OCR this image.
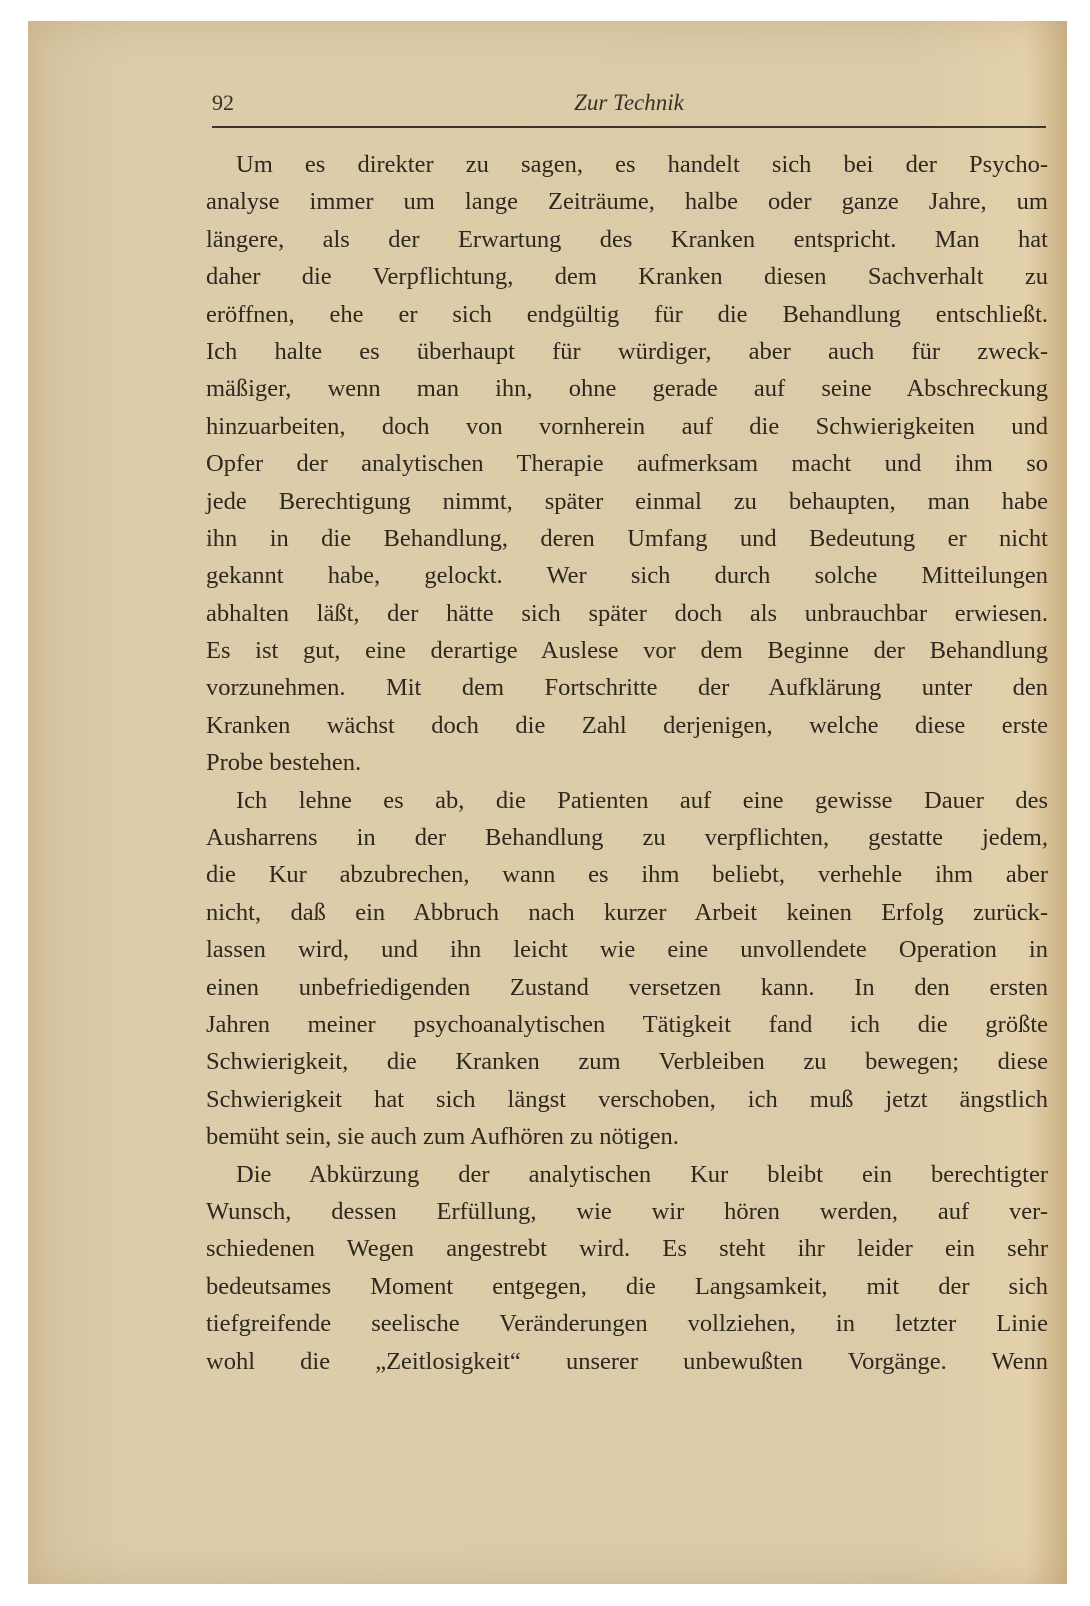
92	Zur Technik
Um es direkter zu sagen, es handelt sich bei der Psycho-
analyse immer um lange Zeiträume, halbe oder ganze Jahre, um
längere, als der Erwartung des Kranken entspricht. Man hat
daher die Verpflichtung, dem Kranken diesen Sachverhalt zu
eröffnen, ehe er sich endgültig für die Behandlung entschließt.
Ich halte es überhaupt für würdiger, aber auch für zweck-
mäßiger, wenn man ihn, ohne gerade auf seine Abschreckung
hinzuarbeiten, doch von vornherein auf die Schwierigkeiten und
Opfer der analytischen Therapie aufmerksam macht und ihm so
jede Berechtigung nimmt, später einmal zu behaupten, man habe
ihn in die Behandlung, deren Umfang und Bedeutung er nicht
gekannt habe, gelockt. Wer sich durch solche Mitteilungen
abhalten läßt, der hätte sich später doch als unbrauchbar erwiesen.
Es ist gut, eine derartige Auslese vor dem Beginne der Behandlung
vorzunehmen. Mit dem Fortschritte der Aufklärung unter den
Kranken wächst doch die Zahl derjenigen, welche diese erste
Probe bestehen.
Ich lehne es ab, die Patienten auf eine gewisse Dauer des
Ausharrens in der Behandlung zu verpflichten, gestatte jedem,
die Kur abzubrechen, wann es ihm beliebt, verhehle ihm aber
nicht, daß ein Abbruch nach kurzer Arbeit keinen Erfolg zurück-
lassen wird, und ihn leicht wie eine unvollendete Operation in
einen unbefriedigenden Zustand versetzen kann. In den ersten
Jahren meiner psychoanalytischen Tätigkeit fand ich die größte
Schwierigkeit, die Kranken zum Verbleiben zu bewegen; diese
Schwierigkeit hat sich längst verschoben, ich muß jetzt ängstlich
bemüht sein, sie auch zum Aufhören zu nötigen.
Die Abkürzung der analytischen Kur bleibt ein berechtigter
Wunsch, dessen Erfüllung, wie wir hören werden, auf ver-
schiedenen Wegen angestrebt wird. Es steht ihr leider ein sehr
bedeutsames Moment entgegen, die Langsamkeit, mit der sich
tiefgreifende seelische Veränderungen vollziehen, in letzter Linie
wohl die „Zeitlosigkeit“ unserer unbewußten Vorgänge. Wenn
